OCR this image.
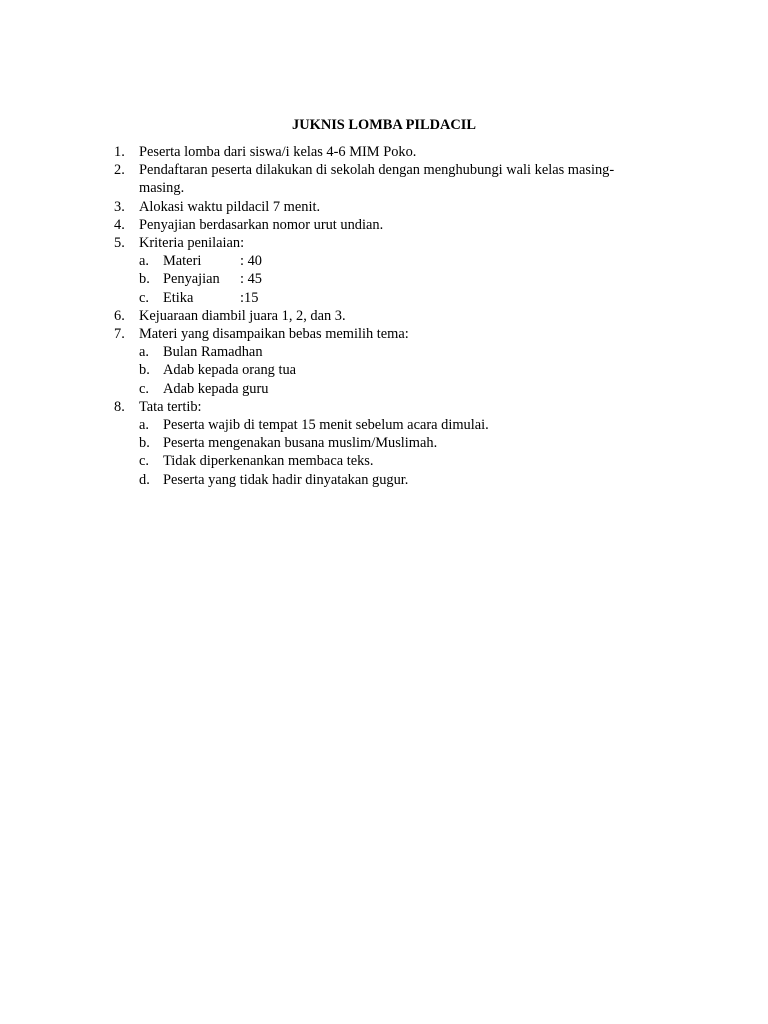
JUKNIS LOMBA PILDACIL
1. Peserta lomba dari siswa/i kelas 4-6 MIM Poko.
2. Pendaftaran peserta dilakukan di sekolah dengan menghubungi wali kelas masing-masing.
3. Alokasi waktu pildacil 7 menit.
4. Penyajian berdasarkan nomor urut undian.
5. Kriteria penilaian:
a. Materi	: 40
b. Penyajian : 45
c. Etika	:15
6. Kejuaraan diambil juara 1, 2, dan 3.
7. Materi yang disampaikan bebas memilih tema:
a. Bulan Ramadhan
b. Adab kepada orang tua
c. Adab kepada guru
8. Tata tertib:
a. Peserta wajib di tempat 15 menit sebelum acara dimulai.
b. Peserta mengenakan busana muslim/Muslimah.
c. Tidak diperkenankan membaca teks.
d. Peserta yang tidak hadir dinyatakan gugur.
